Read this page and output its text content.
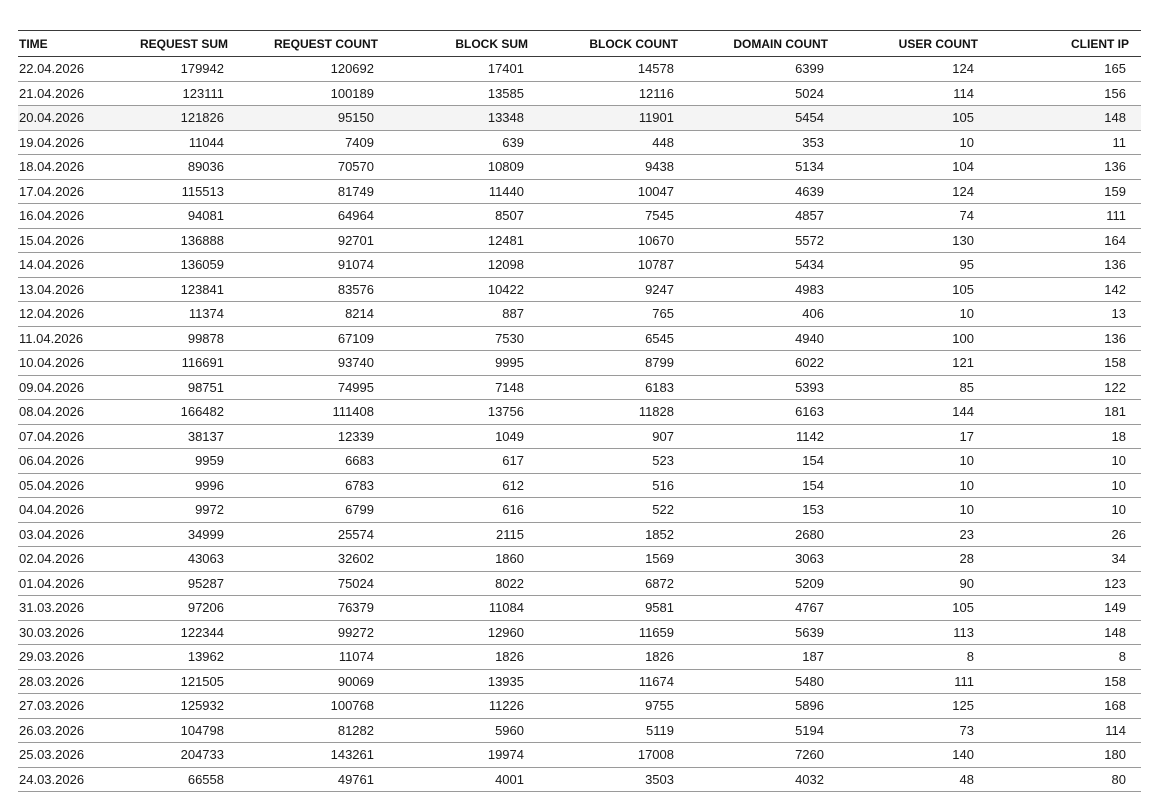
TIME	REQUEST SUM	REQUEST COUNT	BLOCK SUM	BLOCK COUNT	DOMAIN COUNT	USER COUNT	CLIENT IP
22.04.2026	179942	120692	17401	14578	6399	124	165
21.04.2026	123111	100189	13585	12116	5024	114	156
20.04.2026	121826	95150	13348	11901	5454	105	148
19.04.2026	11044	7409	639	448	353	10	11
18.04.2026	89036	70570	10809	9438	5134	104	136
17.04.2026	115513	81749	11440	10047	4639	124	159
16.04.2026	94081	64964	8507	7545	4857	74	111
15.04.2026	136888	92701	12481	10670	5572	130	164
14.04.2026	136059	91074	12098	10787	5434	95	136
13.04.2026	123841	83576	10422	9247	4983	105	142
12.04.2026	11374	8214	887	765	406	10	13
11.04.2026	99878	67109	7530	6545	4940	100	136
10.04.2026	116691	93740	9995	8799	6022	121	158
09.04.2026	98751	74995	7148	6183	5393	85	122
08.04.2026	166482	111408	13756	11828	6163	144	181
07.04.2026	38137	12339	1049	907	1142	17	18
06.04.2026	9959	6683	617	523	154	10	10
05.04.2026	9996	6783	612	516	154	10	10
04.04.2026	9972	6799	616	522	153	10	10
03.04.2026	34999	25574	2115	1852	2680	23	26
02.04.2026	43063	32602	1860	1569	3063	28	34
01.04.2026	95287	75024	8022	6872	5209	90	123
31.03.2026	97206	76379	11084	9581	4767	105	149
30.03.2026	122344	99272	12960	11659	5639	113	148
29.03.2026	13962	11074	1826	1826	187	8	8
28.03.2026	121505	90069	13935	11674	5480	111	158
27.03.2026	125932	100768	11226	9755	5896	125	168
26.03.2026	104798	81282	5960	5119	5194	73	114
25.03.2026	204733	143261	19974	17008	7260	140	180
24.03.2026	66558	49761	4001	3503	4032	48	80
